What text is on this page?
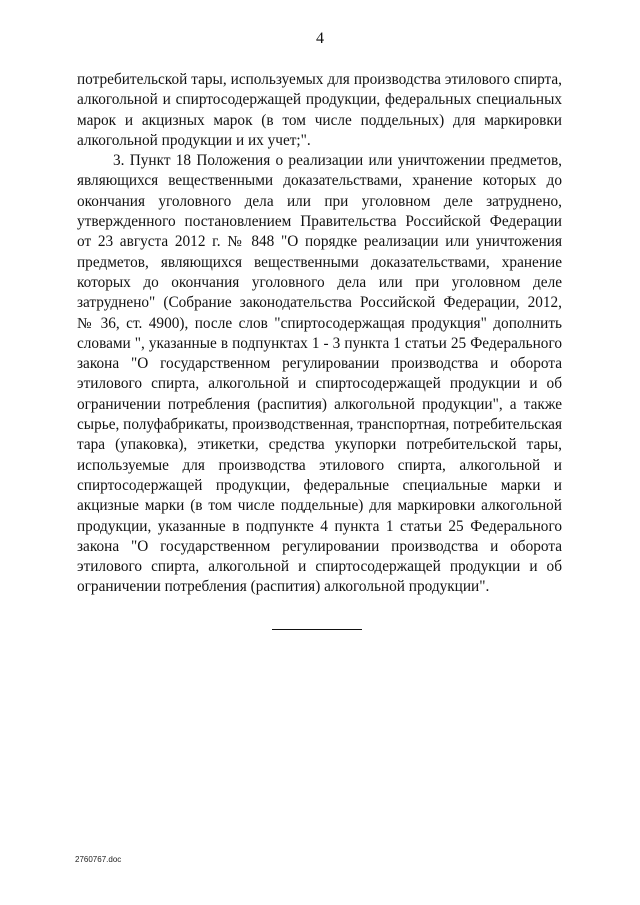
4
потребительской тары, используемых для производства этилового спирта,
алкогольной и спиртосодержащей продукции, федеральных специальных
марок и акцизных марок (в том числе поддельных) для маркировки
алкогольной продукции и их учет;".
3. Пункт 18 Положения о реализации или уничтожении предметов,
являющихся вещественными доказательствами, хранение которых до
окончания уголовного дела или при уголовном деле затруднено,
утвержденного постановлением Правительства Российской Федерации
от 23 августа 2012 г. № 848 "О порядке реализации или уничтожения
предметов, являющихся вещественными доказательствами, хранение
которых до окончания уголовного дела или при уголовном деле
затруднено" (Собрание законодательства Российской Федерации, 2012,
№ 36, ст. 4900), после слов "спиртосодержащая продукция" дополнить
словами ", указанные в подпунктах 1 - 3 пункта 1 статьи 25 Федерального
закона "О государственном регулировании производства и оборота
этилового спирта, алкогольной и спиртосодержащей продукции и об
ограничении потребления (распития) алкогольной продукции", а также
сырье, полуфабрикаты, производственная, транспортная, потребительская
тара (упаковка), этикетки, средства укупорки потребительской тары,
используемые для производства этилового спирта, алкогольной и
спиртосодержащей продукции, федеральные специальные марки и
акцизные марки (в том числе поддельные) для маркировки алкогольной
продукции, указанные в подпункте 4 пункта 1 статьи 25 Федерального
закона "О государственном регулировании производства и оборота
этилового спирта, алкогольной и спиртосодержащей продукции и об
ограничении потребления (распития) алкогольной продукции".
2760767.doc
